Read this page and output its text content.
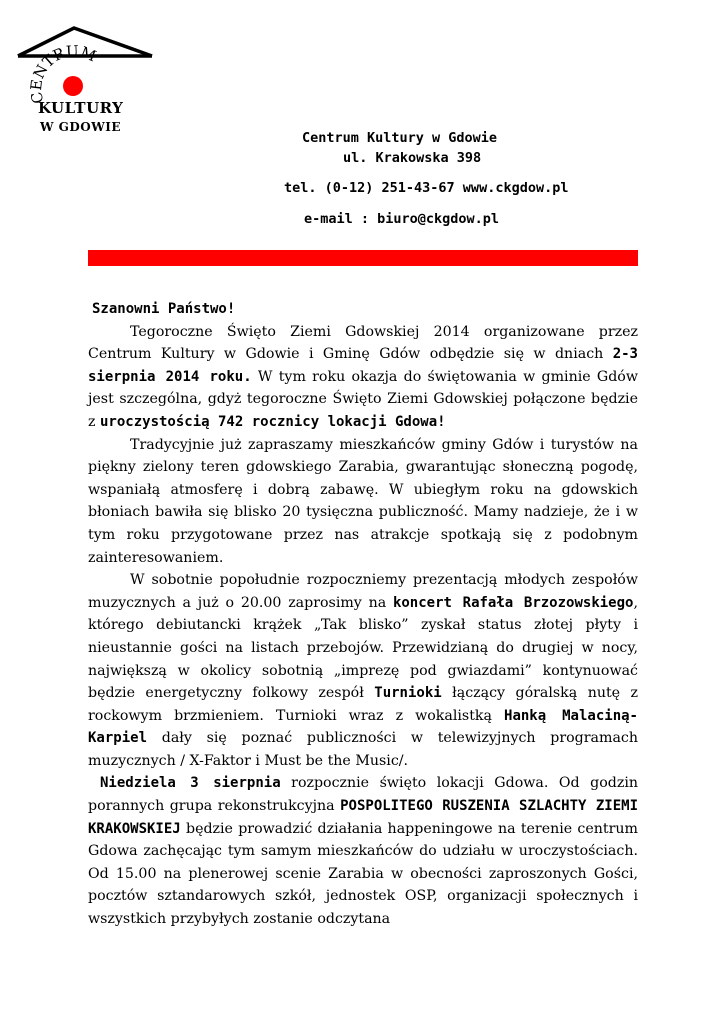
CENTRUM
KULTURY
W GDOWIE
Centrum Kultury w Gdowie
ul. Krakowska 398
tel. (0-12) 251-43-67 www.ckgdow.pl
e-mail : biuro@ckgdow.pl

Szanowni Państwo!

Tegoroczne Święto Ziemi Gdowskiej 2014 organizowane przez Centrum Kultury w Gdowie i Gminę Gdów odbędzie się w dniach 2-3 sierpnia 2014 roku. W tym roku okazja do świętowania w gminie Gdów jest szczególna, gdyż tegoroczne Święto Ziemi Gdowskiej połączone będzie z uroczystością 742 rocznicy lokacji Gdowa!

Tradycyjnie już zapraszamy mieszkańców gminy Gdów i turystów na piękny zielony teren gdowskiego Zarabia, gwarantując słoneczną pogodę, wspaniałą atmosferę i dobrą zabawę. W ubiegłym roku na gdowskich błoniach bawiła się blisko 20 tysięczna publiczność. Mamy nadzieje, że i w tym roku przygotowane przez nas atrakcje spotkają się z podobnym zainteresowaniem.

W sobotnie popołudnie rozpoczniemy prezentacją młodych zespołów muzycznych a już o 20.00 zaprosimy na koncert Rafała Brzozowskiego, którego debiutancki krążek „Tak blisko” zyskał status złotej płyty i nieustannie gości na listach przebojów. Przewidzianą do drugiej w nocy, największą w okolicy sobotnią „imprezę pod gwiazdami” kontynuować będzie energetyczny folkowy zespół Turnioki łączący góralską nutę z rockowym brzmieniem. Turnioki wraz z wokalistką Hanką Malaciną-Karpiel dały się poznać publiczności w telewizyjnych programach muzycznych / X-Faktor i Must be the Music/.

Niedziela 3 sierpnia rozpocznie święto lokacji Gdowa. Od godzin porannych grupa rekonstrukcyjna POSPOLITEGO RUSZENIA SZLACHTY ZIEMI KRAKOWSKIEJ będzie prowadzić działania happeningowe na terenie centrum Gdowa zachęcając tym samym mieszkańców do udziału w uroczystościach. Od 15.00 na plenerowej scenie Zarabia w obecności zaproszonych Gości, pocztów sztandarowych szkół, jednostek OSP, organizacji społecznych i wszystkich przybyłych zostanie odczytana
